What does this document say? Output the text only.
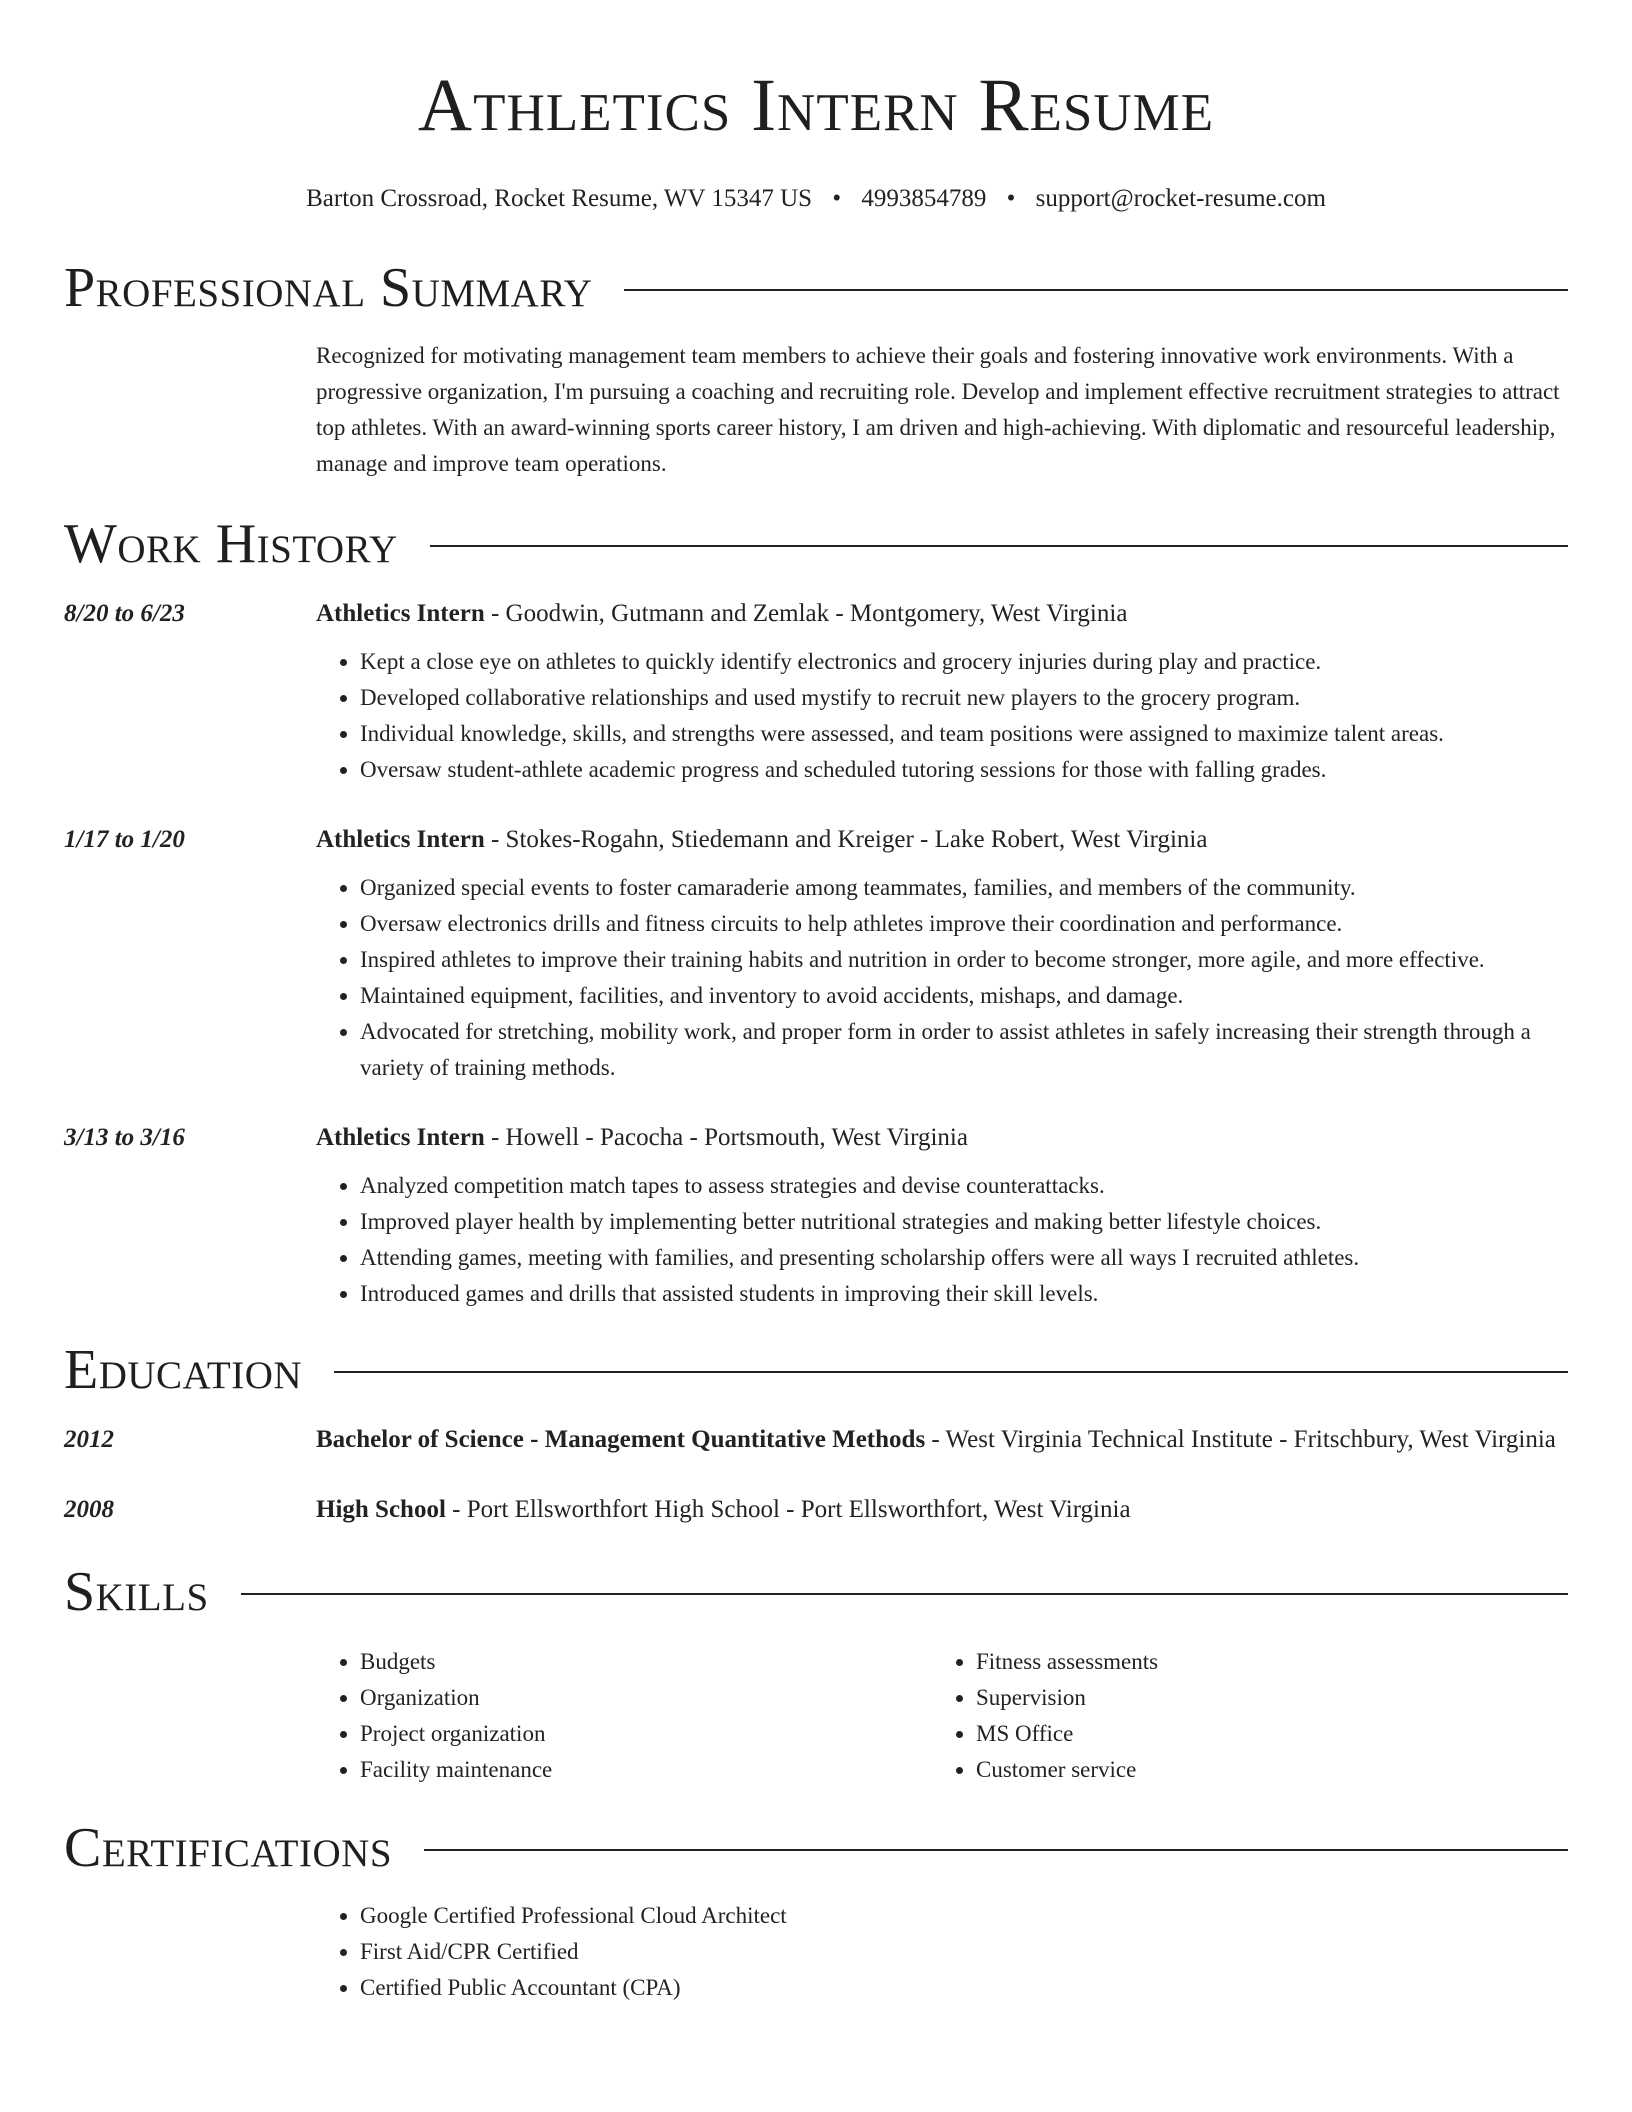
Athletics Intern Resume
Barton Crossroad, Rocket Resume, WV 15347 US • 4993854789 • support@rocket-resume.com
Professional Summary
Recognized for motivating management team members to achieve their goals and fostering innovative work environments. With a progressive organization, I'm pursuing a coaching and recruiting role. Develop and implement effective recruitment strategies to attract top athletes. With an award-winning sports career history, I am driven and high-achieving. With diplomatic and resourceful leadership, manage and improve team operations.
Work History
8/20 to 6/23	Athletics Intern - Goodwin, Gutmann and Zemlak - Montgomery, West Virginia
• Kept a close eye on athletes to quickly identify electronics and grocery injuries during play and practice.
• Developed collaborative relationships and used mystify to recruit new players to the grocery program.
• Individual knowledge, skills, and strengths were assessed, and team positions were assigned to maximize talent areas.
• Oversaw student-athlete academic progress and scheduled tutoring sessions for those with falling grades.
1/17 to 1/20	Athletics Intern - Stokes-Rogahn, Stiedemann and Kreiger - Lake Robert, West Virginia
• Organized special events to foster camaraderie among teammates, families, and members of the community.
• Oversaw electronics drills and fitness circuits to help athletes improve their coordination and performance.
• Inspired athletes to improve their training habits and nutrition in order to become stronger, more agile, and more effective.
• Maintained equipment, facilities, and inventory to avoid accidents, mishaps, and damage.
• Advocated for stretching, mobility work, and proper form in order to assist athletes in safely increasing their strength through a variety of training methods.
3/13 to 3/16	Athletics Intern - Howell - Pacocha - Portsmouth, West Virginia
• Analyzed competition match tapes to assess strategies and devise counterattacks.
• Improved player health by implementing better nutritional strategies and making better lifestyle choices.
• Attending games, meeting with families, and presenting scholarship offers were all ways I recruited athletes.
• Introduced games and drills that assisted students in improving their skill levels.
Education
2012	Bachelor of Science - Management Quantitative Methods - West Virginia Technical Institute - Fritschbury, West Virginia
2008	High School - Port Ellsworthfort High School - Port Ellsworthfort, West Virginia
Skills
• Budgets
• Organization
• Project organization
• Facility maintenance
• Fitness assessments
• Supervision
• MS Office
• Customer service
Certifications
• Google Certified Professional Cloud Architect
• First Aid/CPR Certified
• Certified Public Accountant (CPA)
